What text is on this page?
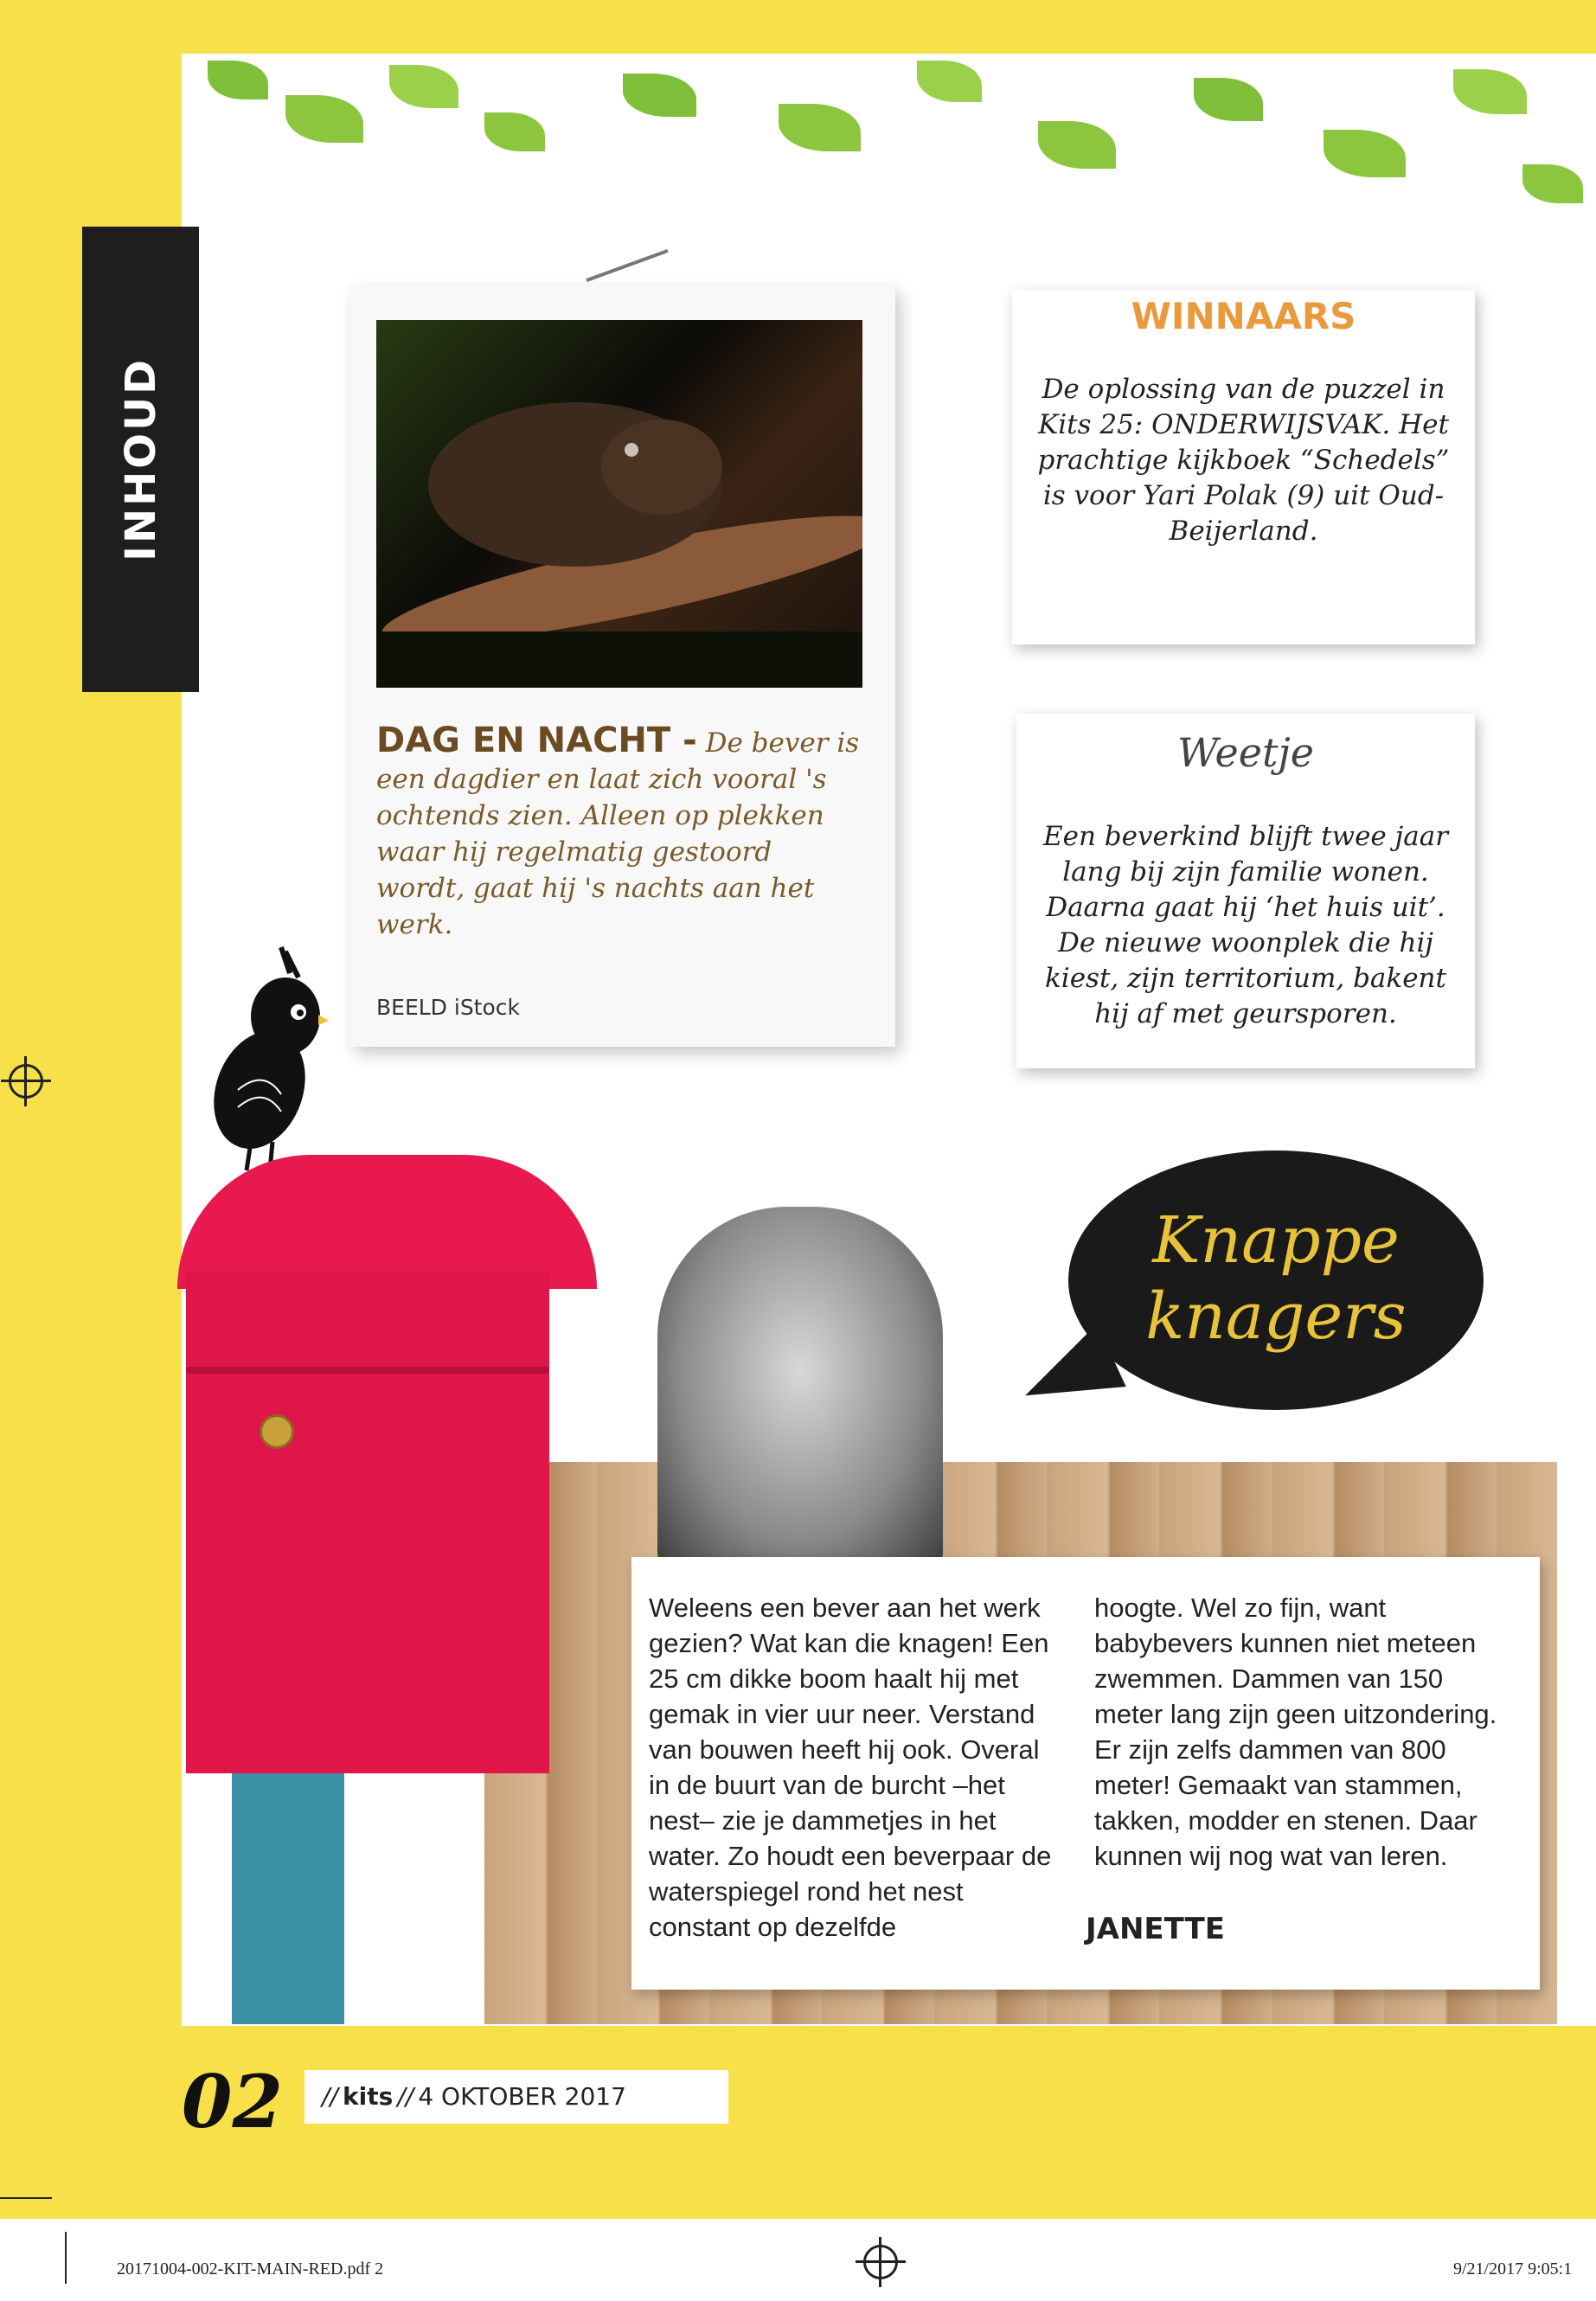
INHOUD
DAG EN NACHT - De bever is een dagdier en laat zich vooral 's ochtends zien. Alleen op plekken waar hij regelmatig gestoord wordt, gaat hij 's nachts aan het werk.
BEELD iStock
WINNAARS
De oplossing van de puzzel in Kits 25: ONDERWIJSVAK. Het prachtige kijkboek “Schedels” is voor Yari Polak (9) uit Oud-Beijerland.
Weetje
Een beverkind blijft twee jaar lang bij zijn familie wonen. Daarna gaat hij ‘het huis uit’. De nieuwe woonplek die hij kiest, zijn territorium, bakent hij af met geursporen.
Knappe
knagers
Weleens een bever aan het werk gezien? Wat kan die knagen! Een 25 cm dikke boom haalt hij met gemak in vier uur neer. Verstand van bouwen heeft hij ook. Overal in de buurt van de burcht –het nest– zie je dammetjes in het water. Zo houdt een beverpaar de waterspiegel rond het nest constant op dezelfde
hoogte. Wel zo fijn, want babybevers kunnen niet meteen zwemmen. Dammen van 150 meter lang zijn geen uitzondering. Er zijn zelfs dammen van 800 meter! Gemaakt van stammen, takken, modder en stenen. Daar kunnen wij nog wat van leren.
JANETTE
02	// kits // 4 OKTOBER 2017
20171004-002-KIT-MAIN-RED.pdf 2	9/21/2017 9:05:1
